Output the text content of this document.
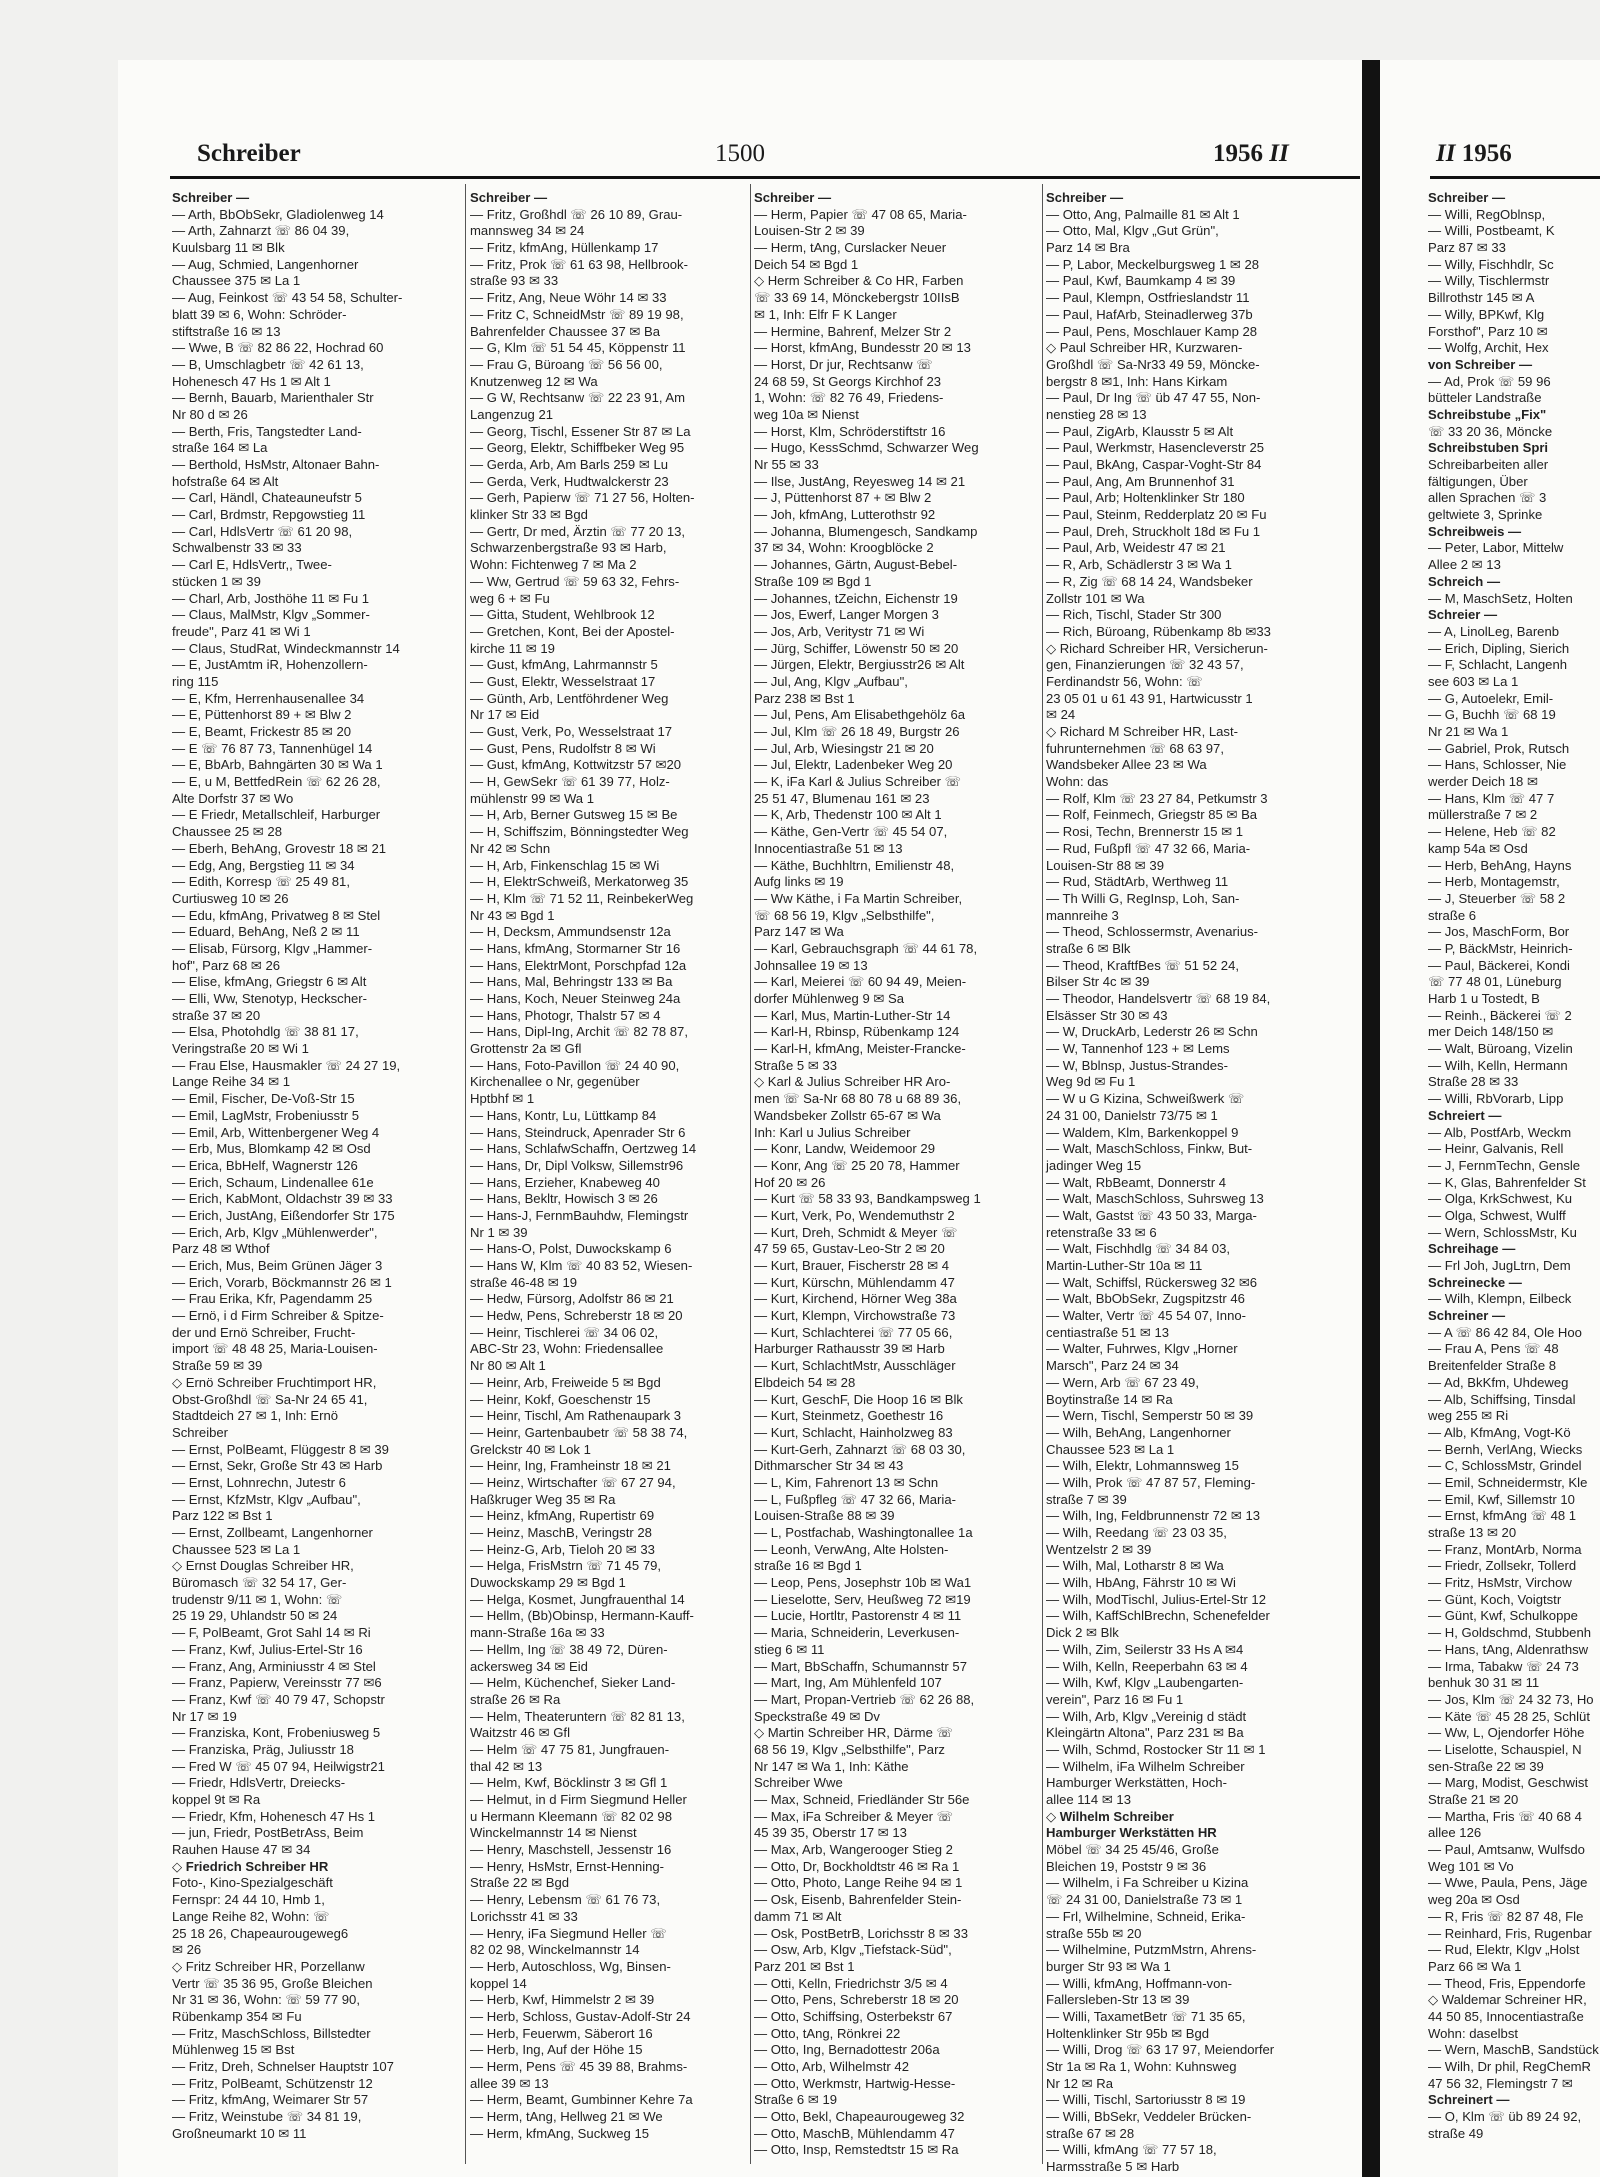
Schreiber	1500	1956 II	II 1956
Schreiber —
— Arth, BbObSekr, Gladiolenweg 14
— Arth, Zahnarzt ☏ 86 04 39,
Kuulsbarg 11 ✉ Blk
— Aug, Schmied, Langenhorner
Chaussee 375 ✉ La 1
— Aug, Feinkost ☏ 43 54 58, Schulter-
blatt 39 ✉ 6, Wohn: Schröder-
stiftstraße 16 ✉ 13
— Wwe, B ☏ 82 86 22, Hochrad 60
— B, Umschlagbetr ☏ 42 61 13,
Hohenesch 47 Hs 1 ✉ Alt 1
— Bernh, Bauarb, Marienthaler Str
Nr 80 d ✉ 26
— Berth, Fris, Tangstedter Land-
straße 164 ✉ La
— Berthold, HsMstr, Altonaer Bahn-
hofstraße 64 ✉ Alt
— Carl, Händl, Chateaunеufstr 5
— Carl, Brdmstr, Repgowstieg 11
— Carl, HdlsVertr ☏ 61 20 98,
Schwalbenstr 33 ✉ 33
— Carl E, HdlsVertr,, Twee-
stücken 1 ✉ 39
— Charl, Arb, Josthöhe 11 ✉ Fu 1
— Claus, MalMstr, Klgv „Sommer-
freude", Parz 41 ✉ Wi 1
— Claus, StudRat, Windeckmannstr 14
— E, JustAmtm iR, Hohenzollern-
ring 115
— E, Kfm, Herrenhausenallee 34
— E, Püttenhorst 89 + ✉ Blw 2
— E, Beamt, Frickestr 85 ✉ 20
— E ☏ 76 87 73, Tannenhügel 14
— E, BbArb, Bahngärten 30 ✉ Wa 1
— E, u M, BettfedRein ☏ 62 26 28,
Alte Dorfstr 37 ✉ Wo
— E Friedr, Metallschleif, Harburger
Chaussee 25 ✉ 28
— Eberh, BehAng, Grovestr 18 ✉ 21
— Edg, Ang, Bergstieg 11 ✉ 34
— Edith, Korresp ☏ 25 49 81,
Curtiusweg 10 ✉ 26
— Edu, kfmAng, Privatweg 8 ✉ Stel
— Eduard, BehAng, Neß 2 ✉ 11
— Elisab, Fürsorg, Klgv „Hammer-
hof", Parz 68 ✉ 26
— Elise, kfmAng, Griegstr 6 ✉ Alt
— Elli, Ww, Stenotyp, Heckscher-
straße 37 ✉ 20
— Elsa, Photohdlg ☏ 38 81 17,
Veringstraße 20 ✉ Wi 1
— Frau Else, Hausmakler ☏ 24 27 19,
Lange Reihe 34 ✉ 1
— Emil, Fischer, De-Voß-Str 15
— Emil, LagMstr, Frobeniusstr 5
— Emil, Arb, Wittenbergener Weg 4
— Erb, Mus, Blomkamp 42 ✉ Osd
— Erica, BbHelf, Wagnerstr 126
— Erich, Schaum, Lindenallee 61e
— Erich, KabMont, Oldachstr 39 ✉ 33
— Erich, JustAng, Eißendorfer Str 175
— Erich, Arb, Klgv „Mühlenwerder",
Parz 48 ✉ Wthof
— Erich, Mus, Beim Grünen Jäger 3
— Erich, Vorarb, Böckmannstr 26 ✉ 1
— Frau Erika, Kfr, Pagendamm 25
— Ernö, i d Firm Schreiber & Spitze-
der und Ernö Schreiber, Frucht-
import ☏ 48 48 25, Maria-Louisen-
Straße 59 ✉ 39
◇ Ernö Schreiber Fruchtimport HR,
Obst-Großhdl ☏ Sa-Nr 24 65 41,
Stadtdeich 27 ✉ 1, Inh: Ernö
Schreiber
— Ernst, PolBeamt, Flüggestr 8 ✉ 39
— Ernst, Sekr, Große Str 43 ✉ Harb
— Ernst, Lohnrechn, Jutestr 6
— Ernst, KfzMstr, Klgv „Aufbau",
Parz 122 ✉ Bst 1
— Ernst, Zollbeamt, Langenhorner
Chaussee 523 ✉ La 1
◇ Ernst Douglas Schreiber HR,
Büromasch ☏ 32 54 17, Ger-
trudenstr 9/11 ✉ 1, Wohn: ☏
25 19 29, Uhlandstr 50 ✉ 24
— F, PolBeamt, Grot Sahl 14 ✉ Ri
— Franz, Kwf, Julius-Ertel-Str 16
— Franz, Ang, Arminiusstr 4 ✉ Stel
— Franz, Papierw, Vereinsstr 77 ✉6
— Franz, Kwf ☏ 40 79 47, Schopstr
Nr 17 ✉ 19
— Franziska, Kont, Frobeniusweg 5
— Franziska, Präg, Juliusstr 18
— Fred W ☏ 45 07 94, Heilwigstr21
— Friedr, HdlsVertr, Dreiecks-
koppel 9t ✉ Ra
— Friedr, Kfm, Hohenesch 47 Hs 1
— jun, Friedr, PostBetrAss, Beim
Rauhen Hause 47 ✉ 34
◇ Friedrich Schreiber HR
Foto-, Kino-Spezialgeschäft
Fernspr: 24 44 10, Hmb 1,
Lange Reihe 82, Wohn: ☏
25 18 26, Chapeaurougeweg6
✉ 26
◇ Fritz Schreiber HR, Porzellanw
Vertr ☏ 35 36 95, Große Bleichen
Nr 31 ✉ 36, Wohn: ☏ 59 77 90,
Rübenkamp 354 ✉ Fu
— Fritz, MaschSchloss, Billstedter
Mühlenweg 15 ✉ Bst
— Fritz, Dreh, Schnelser Hauptstr 107
— Fritz, PolBeamt, Schützenstr 12
— Fritz, kfmAng, Weimarer Str 57
— Fritz, Weinstube ☏ 34 81 19,
Großneumarkt 10 ✉ 11
Schreiber —
— Fritz, Großhdl ☏ 26 10 89, Grau-
mannsweg 34 ✉ 24
— Fritz, kfmAng, Hüllenkamp 17
— Fritz, Prok ☏ 61 63 98, Hellbrook-
straße 93 ✉ 33
— Fritz, Ang, Neue Wöhr 14 ✉ 33
— Fritz C, SchneidMstr ☏ 89 19 98,
Bahrenfelder Chaussee 37 ✉ Ba
— G, Klm ☏ 51 54 45, Köppenstr 11
— Frau G, Büroang ☏ 56 56 00,
Knutzenweg 12 ✉ Wa
— G W, Rechtsanw ☏ 22 23 91, Am
Langenzug 21
— Georg, Tischl, Essener Str 87 ✉ La
— Georg, Elektr, Schiffbeker Weg 95
— Gerda, Arb, Am Barls 259 ✉ Lu
— Gerda, Verk, Hudtwalckerstr 23
— Gerh, Papierw ☏ 71 27 56, Holten-
klinker Str 33 ✉ Bgd
— Gertr, Dr med, Ärztin ☏ 77 20 13,
Schwarzenbergstraße 93 ✉ Harb,
Wohn: Fichtenweg 7 ✉ Ma 2
— Ww, Gertrud ☏ 59 63 32, Fehrs-
weg 6 + ✉ Fu
— Gitta, Student, Wehlbrook 12
— Gretchen, Kont, Bei der Apostel-
kirche 11 ✉ 19
— Gust, kfmAng, Lahrmannstr 5
— Gust, Elektr, Wesselstraat 17
— Günth, Arb, Lentföhrdener Weg
Nr 17 ✉ Eid
— Gust, Verk, Po, Wesselstraat 17
— Gust, Pens, Rudolfstr 8 ✉ Wi
— Gust, kfmAng, Kottwitzstr 57 ✉20
— H, GewSekr ☏ 61 39 77, Holz-
mühlenstr 99 ✉ Wa 1
— H, Arb, Berner Gutsweg 15 ✉ Be
— H, Schiffszim, Bönningstedter Weg
Nr 42 ✉ Schn
— H, Arb, Finkenschlag 15 ✉ Wi
— H, ElektrSchweiß, Merkatorweg 35
— H, Klm ☏ 71 52 11, ReinbekerWeg
Nr 43 ✉ Bgd 1
— H, Decksm, Ammundsenstr 12a
— Hans, kfmAng, Stormarner Str 16
— Hans, ElektrMont, Porschpfad 12a
— Hans, Mal, Behringstr 133 ✉ Ba
— Hans, Koch, Neuer Steinweg 24a
— Hans, Photogr, Thalstr 57 ✉ 4
— Hans, Dipl-Ing, Archit ☏ 82 78 87,
Grottenstr 2a ✉ Gfl
— Hans, Foto-Pavillon ☏ 24 40 90,
Kirchenallee o Nr, gegenüber
Hptbhf ✉ 1
— Hans, Kontr, Lu, Lüttkamp 84
— Hans, Steindruck, Apenrader Str 6
— Hans, SchlafwSchaffn, Oertzweg 14
— Hans, Dr, Dipl Volksw, Sillemstr96
— Hans, Erzieher, Knabeweg 40
— Hans, Bekltr, Howisch 3 ✉ 26
— Hans-J, FernmBauhdw, Flemingstr
Nr 1 ✉ 39
— Hans-O, Polst, Duwockskamp 6
— Hans W, Klm ☏ 40 83 52, Wiesen-
straße 46-48 ✉ 19
— Hedw, Fürsorg, Adolfstr 86 ✉ 21
— Hedw, Pens, Schreberstr 18 ✉ 20
— Heinr, Tischlerei ☏ 34 06 02,
ABC-Str 23, Wohn: Friedensallee
Nr 80 ✉ Alt 1
— Heinr, Arb, Freiweide 5 ✉ Bgd
— Heinr, Kokf, Goeschenstr 15
— Heinr, Tischl, Am Rathenaupark 3
— Heinr, Gartenbaubetr ☏ 58 38 74,
Grelckstr 40 ✉ Lok 1
— Heinr, Ing, Framheinstr 18 ✉ 21
— Heinz, Wirtschafter ☏ 67 27 94,
Haßkruger Weg 35 ✉ Ra
— Heinz, kfmAng, Rupertistr 69
— Heinz, MaschB, Veringstr 28
— Heinz-G, Arb, Tieloh 20 ✉ 33
— Helga, FrisMstrn ☏ 71 45 79,
Duwockskamp 29 ✉ Bgd 1
— Helga, Kosmet, Jungfrauenthal 14
— Hellm, (Bb)Obinsp, Hermann-Kauff-
mann-Straße 16a ✉ 33
— Hellm, Ing ☏ 38 49 72, Düren-
ackersweg 34 ✉ Eid
— Helm, Küchenchef, Sieker Land-
straße 26 ✉ Ra
— Helm, Theateruntern ☏ 82 81 13,
Waitzstr 46 ✉ Gfl
— Helm ☏ 47 75 81, Jungfrauen-
thal 42 ✉ 13
— Helm, Kwf, Böcklinstr 3 ✉ Gfl 1
— Helmut, in d Firm Siegmund Heller
u Hermann Kleemann ☏ 82 02 98
Winckelmannstr 14 ✉ Nienst
— Henry, Maschstell, Jessenstr 16
— Henry, HsMstr, Ernst-Henning-
Straße 22 ✉ Bgd
— Henry, Lebensm ☏ 61 76 73,
Lorichsstr 41 ✉ 33
— Henry, iFa Siegmund Heller ☏
82 02 98, Winckelmannstr 14
— Herb, Autoschloss, Wg, Binsen-
koppel 14
— Herb, Kwf, Himmelstr 2 ✉ 39
— Herb, Schloss, Gustav-Adolf-Str 24
— Herb, Feuerwm, Säberort 16
— Herb, Ing, Auf der Höhe 15
— Herm, Pens ☏ 45 39 88, Brahms-
allee 39 ✉ 13
— Herm, Beamt, Gumbinner Kehre 7a
— Herm, tAng, Hellweg 21 ✉ We
— Herm, kfmAng, Suckweg 15
Schreiber —
— Herm, Papier ☏ 47 08 65, Maria-
Louisen-Str 2 ✉ 39
— Herm, tAng, Curslacker Neuer
Deich 54 ✉ Bgd 1
◇ Herm Schreiber & Co HR, Farben
☏ 33 69 14, Mönckebergstr 10IIsB
✉ 1, Inh: Elfr F K Langer
— Hermine, Bahrenf, Melzer Str 2
— Horst, kfmAng, Bundesstr 20 ✉ 13
— Horst, Dr jur, Rechtsanw ☏
24 68 59, St Georgs Kirchhof 23
1, Wohn: ☏ 82 76 49, Friedens-
weg 10a ✉ Nienst
— Horst, Klm, Schröderstiftstr 16
— Hugo, KessSchmd, Schwarzer Weg
Nr 55 ✉ 33
— Ilse, JustAng, Reyesweg 14 ✉ 21
— J, Püttenhorst 87 + ✉ Blw 2
— Joh, kfmAng, Lutterothstr 92
— Johanna, Blumengesch, Sandkamp
37 ✉ 34, Wohn: Kroogblöcke 2
— Johannes, Gärtn, August-Bebel-
Straße 109 ✉ Bgd 1
— Johannes, tZeichn, Eichenstr 19
— Jos, Ewerf, Langer Morgen 3
— Jos, Arb, Veritystr 71 ✉ Wi
— Jürg, Schiffer, Löwenstr 50 ✉ 20
— Jürgen, Elektr, Bergiusstr26 ✉ Alt
— Jul, Ang, Klgv „Aufbau",
Parz 238 ✉ Bst 1
— Jul, Pens, Am Elisabethgehölz 6a
— Jul, Klm ☏ 26 18 49, Burgstr 26
— Jul, Arb, Wiesingstr 21 ✉ 20
— Jul, Elektr, Ladenbeker Weg 20
— K, iFa Karl & Julius Schreiber ☏
25 51 47, Blumenau 161 ✉ 23
— K, Arb, Thedenstr 100 ✉ Alt 1
— Käthe, Gen-Vertr ☏ 45 54 07,
Innocentiastraße 51 ✉ 13
— Käthe, Buchhltrn, Emilienstr 48,
Aufg links ✉ 19
— Ww Käthe, i Fa Martin Schreiber,
☏ 68 56 19, Klgv „Selbsthilfe",
Parz 147 ✉ Wa
— Karl, Gebrauchsgraph ☏ 44 61 78,
Johnsallee 19 ✉ 13
— Karl, Meierei ☏ 60 94 49, Meien-
dorfer Mühlenweg 9 ✉ Sa
— Karl, Mus, Martin-Luther-Str 14
— Karl-H, Rbinsp, Rübenkamp 124
— Karl-H, kfmAng, Meister-Francke-
Straße 5 ✉ 33
◇ Karl & Julius Schreiber HR Aro-
men ☏ Sa-Nr 68 80 78 u 68 89 36,
Wandsbeker Zollstr 65-67 ✉ Wa
Inh: Karl u Julius Schreiber
— Konr, Landw, Weidemoor 29
— Konr, Ang ☏ 25 20 78, Hammer
Hof 20 ✉ 26
— Kurt ☏ 58 33 93, Bandkampsweg 1
— Kurt, Verk, Po, Wendemuthstr 2
— Kurt, Dreh, Schmidt & Meyer ☏
47 59 65, Gustav-Leo-Str 2 ✉ 20
— Kurt, Brauer, Fischerstr 28 ✉ 4
— Kurt, Kürschn, Mühlendamm 47
— Kurt, Kirchend, Hörner Weg 38a
— Kurt, Klempn, Virchowstraße 73
— Kurt, Schlachterei ☏ 77 05 66,
Harburger Rathausstr 39 ✉ Harb
— Kurt, SchlachtMstr, Ausschläger
Elbdeich 54 ✉ 28
— Kurt, GeschF, Die Hoop 16 ✉ Blk
— Kurt, Steinmetz, Goethestr 16
— Kurt, Schlacht, Hainholzweg 83
— Kurt-Gerh, Zahnarzt ☏ 68 03 30,
Dithmarscher Str 34 ✉ 43
— L, Kim, Fahrenort 13 ✉ Schn
— L, Fußpfleg ☏ 47 32 66, Maria-
Louisen-Straße 88 ✉ 39
— L, Postfachab, Washingtonallee 1a
— Leonh, VerwAng, Alte Holsten-
straße 16 ✉ Bgd 1
— Leop, Pens, Josephstr 10b ✉ Wa1
— Lieselotte, Serv, Heußweg 72 ✉19
— Lucie, Hortltr, Pastorenstr 4 ✉ 11
— Maria, Schneiderin, Leverkusen-
stieg 6 ✉ 11
— Mart, BbSchaffn, Schumannstr 57
— Mart, Ing, Am Mühlenfeld 107
— Mart, Propan-Vertrieb ☏ 62 26 88,
Speckstraße 49 ✉ Dv
◇ Martin Schreiber HR, Därme ☏
68 56 19, Klgv „Selbsthilfe", Parz
Nr 147 ✉ Wa 1, Inh: Käthe
Schreiber Wwe
— Max, Schneid, Friedländer Str 56e
— Max, iFa Schreiber & Meyer ☏
45 39 35, Oberstr 17 ✉ 13
— Max, Arb, Wangerooger Stieg 2
— Otto, Dr, Bockholdtstr 46 ✉ Ra 1
— Otto, Photo, Lange Reihe 94 ✉ 1
— Osk, Eisenb, Bahrenfelder Stein-
damm 71 ✉ Alt
— Osk, PostBetrB, Lorichsstr 8 ✉ 33
— Osw, Arb, Klgv „Tiefstack-Süd",
Parz 201 ✉ Bst 1
— Otti, Kelln, Friedrichstr 3/5 ✉ 4
— Otto, Pens, Schreberstr 18 ✉ 20
— Otto, Schiffsing, Osterbekstr 67
— Otto, tAng, Rönkrei 22
— Otto, Ing, Bernadottestr 206a
— Otto, Arb, Wilhelmstr 42
— Otto, Werkmstr, Hartwig-Hesse-
Straße 6 ✉ 19
— Otto, Bekl, Chapeaurougeweg 32
— Otto, MaschB, Mühlendamm 47
— Otto, Insp, Remstedtstr 15 ✉ Ra
Schreiber —
— Otto, Ang, Palmaille 81 ✉ Alt 1
— Otto, Mal, Klgv „Gut Grün",
Parz 14 ✉ Bra
— P, Labor, Meckelburgsweg 1 ✉ 28
— Paul, Kwf, Baumkamp 4 ✉ 39
— Paul, Klempn, Ostfrieslandstr 11
— Paul, HafArb, Steinadlerweg 37b
— Paul, Pens, Moschlauer Kamp 28
◇ Paul Schreiber HR, Kurzwaren-
Großhdl ☏ Sa-Nr33 49 59, Mönckе-
bergstr 8 ✉1, Inh: Hans Kirkam
— Paul, Dr Ing ☏ üb 47 47 55, Non-
nenstieg 28 ✉ 13
— Paul, ZigArb, Klausstr 5 ✉ Alt
— Paul, Werkmstr, Hasencleverstr 25
— Paul, BkAng, Caspar-Voght-Str 84
— Paul, Ang, Am Brunnenhof 31
— Paul, Arb; Holtenklinker Str 180
— Paul, Steinm, Redderplatz 20 ✉ Fu
— Paul, Dreh, Struckholt 18d ✉ Fu 1
— Paul, Arb, Weidestr 47 ✉ 21
— R, Arb, Schädlerstr 3 ✉ Wa 1
— R, Zig ☏ 68 14 24, Wandsbeker
Zollstr 101 ✉ Wa
— Rich, Tischl, Stader Str 300
— Rich, Büroang, Rübenkamp 8b ✉33
◇ Richard Schreiber HR, Versicherun-
gen, Finanzierungen ☏ 32 43 57,
Ferdinandstr 56, Wohn: ☏
23 05 01 u 61 43 91, Hartwicusstr 1
✉ 24
◇ Richard M Schreiber HR, Last-
fuhrunternehmen ☏ 68 63 97,
Wandsbeker Allee 23 ✉ Wa
Wohn: das
— Rolf, Klm ☏ 23 27 84, Petkumstr 3
— Rolf, Feinmech, Griegstr 85 ✉ Ba
— Rosi, Techn, Brennerstr 15 ✉ 1
— Rud, Fußpfl ☏ 47 32 66, Maria-
Louisen-Str 88 ✉ 39
— Rud, StädtArb, Werthweg 11
— Th Willi G, RegInsp, Loh, San-
mannreihe 3
— Theod, Schlossermstr, Avenarius-
straße 6 ✉ Blk
— Theod, KraftfBes ☏ 51 52 24,
Bilser Str 4c ✉ 39
— Theodor, Handelsvertr ☏ 68 19 84,
Elsässer Str 30 ✉ 43
— W, DruckArb, Lederstr 26 ✉ Schn
— W, Tannenhof 123 + ✉ Lems
— W, Bblnsp, Justus-Strandes-
Weg 9d ✉ Fu 1
— W u G Kizina, Schweißwerk ☏
24 31 00, Danielstr 73/75 ✉ 1
— Waldem, Klm, Barkenkoppel 9
— Walt, MaschSchloss, Finkw, But-
jadinger Weg 15
— Walt, RbBeamt, Donnerstr 4
— Walt, MaschSchloss, Suhrsweg 13
— Walt, Gastst ☏ 43 50 33, Marga-
retenstraße 33 ✉ 6
— Walt, Fischhdlg ☏ 34 84 03,
Martin-Luther-Str 10a ✉ 11
— Walt, Schiffsl, Rückersweg 32 ✉6
— Walt, BbObSekr, Zugspitzstr 46
— Walter, Vertr ☏ 45 54 07, Inno-
centiastraße 51 ✉ 13
— Walter, Fuhrwes, Klgv „Horner
Marsch", Parz 24 ✉ 34
— Wern, Arb ☏ 67 23 49,
Boytinstraße 14 ✉ Ra
— Wern, Tischl, Semperstr 50 ✉ 39
— Wilh, BehAng, Langenhorner
Chaussee 523 ✉ La 1
— Wilh, Elektr, Lohmannsweg 15
— Wilh, Prok ☏ 47 87 57, Fleming-
straße 7 ✉ 39
— Wilh, Ing, Feldbrunnenstr 72 ✉ 13
— Wilh, Reedang ☏ 23 03 35,
Wentzelstr 2 ✉ 39
— Wilh, Mal, Lotharstr 8 ✉ Wa
— Wilh, HbAng, Fährstr 10 ✉ Wi
— Wilh, ModTischl, Julius-Ertel-Str 12
— Wilh, KaffSchlBrechn, Schenefelder
Dick 2 ✉ Blk
— Wilh, Zim, Seilerstr 33 Hs A ✉4
— Wilh, Kelln, Reeperbahn 63 ✉ 4
— Wilh, Kwf, Klgv „Laubengarten-
verein", Parz 16 ✉ Fu 1
— Wilh, Arb, Klgv „Vereinig d städt
Kleingärtn Altona", Parz 231 ✉ Ba
— Wilh, Schmd, Rostocker Str 11 ✉ 1
— Wilhelm, iFa Wilhelm Schreiber
Hamburger Werkstätten, Hoch-
allee 114 ✉ 13
◇ Wilhelm Schreiber
Hamburger Werkstätten HR
Möbel ☏ 34 25 45/46, Große
Bleichen 19, Poststr 9 ✉ 36
— Wilhelm, i Fa Schreiber u Kizina
☏ 24 31 00, Danielstraße 73 ✉ 1
— Frl, Wilhelmine, Schneid, Erika-
straße 55b ✉ 20
— Wilhelmine, PutzmMstrn, Ahrens-
burger Str 93 ✉ Wa 1
— Willi, kfmAng, Hoffmann-von-
Fallersleben-Str 13 ✉ 39
— Willi, TaxametBetr ☏ 71 35 65,
Holtenklinker Str 95b ✉ Bgd
— Willi, Drog ☏ 63 17 97, Meiendorfer
Str 1a ✉ Ra 1, Wohn: Kuhnsweg
Nr 12 ✉ Ra
— Willi, Tischl, Sartoriusstr 8 ✉ 19
— Willi, BbSekr, Veddeler Brücken-
straße 67 ✉ 28
— Willi, kfmAng ☏ 77 57 18,
Harmsstraße 5 ✉ Harb
Schreiber —
— Willi, RegOblnsp,
— Willi, Postbeamt, K
Parz 87 ✉ 33
— Willy, Fischhdlr, Sc
— Willy, Tischlermstr
Billrothstr 145 ✉ A
— Willy, BPKwf, Klg
Forsthof", Parz 10 ✉
— Wolfg, Archit, Hex
von Schreiber —
— Ad, Prok ☏ 59 96
bütteler Landstraße
Schreibstube „Fix"
☏ 33 20 36, Möncke
Schreibstuben Spri
Schreibarbeiten aller
fältigungen, Über
allen Sprachen ☏ 3
geltwiete 3, Sprinke
Schreibweis —
— Peter, Labor, Mittelw
Allee 2 ✉ 13
Schreich —
— M, MaschSetz, Holten
Schreier —
— A, LinolLeg, Barenb
— Erich, Dipling, Sierich
— F, Schlacht, Langenh
see 603 ✉ La 1
— G, Autoelekr, Emil-
— G, Buchh ☏ 68 19
Nr 21 ✉ Wa 1
— Gabriel, Prok, Rutsch
— Hans, Schlosser, Nie
werder Deich 18 ✉
— Hans, Klm ☏ 47 7
müllerstraße 7 ✉ 2
— Helene, Heb ☏ 82
kamp 54a ✉ Osd
— Herb, BehAng, Hayns
— Herb, Montagemstr,
— J, Steuerber ☏ 58 2
straße 6
— Jos, MaschForm, Bor
— P, BäckMstr, Heinrich-
— Paul, Bäckerei, Kondi
☏ 77 48 01, Lüneburg
Harb 1 u Tostedt, B
— Reinh., Bäckerei ☏ 2
mer Deich 148/150 ✉
— Walt, Büroang, Vizelin
— Wilh, Kelln, Hermann
Straße 28 ✉ 33
— Willi, RbVorarb, Lipp
Schreiert —
— Alb, PostfArb, Weckm
— Heinr, Galvanis, Rell
— J, FernmTechn, Gensle
— K, Glas, Bahrenfelder St
— Olga, KrkSchwest, Ku
— Olga, Schwest, Wulff
— Wern, SchlossMstr, Ku
Schreihage —
— Frl Joh, JugLtrn, Dem
Schreinecke —
— Wilh, Klempn, Eilbeck
Schreiner —
— A ☏ 86 42 84, Ole Hoo
— Frau A, Pens ☏ 48
Breitenfelder Straße 8
— Ad, BkKfm, Uhdeweg
— Alb, Schiffsing, Tinsdal
weg 255 ✉ Ri
— Alb, KfmAng, Vogt-Kö
— Bernh, VerlAng, Wiecks
— C, SchlossMstr, Grindel
— Emil, Schneidermstr, Kle
— Emil, Kwf, Sillemstr 10
— Ernst, kfmAng ☏ 48 1
straße 13 ✉ 20
— Franz, MontArb, Norma
— Friedr, Zollsekr, Tollerd
— Fritz, HsMstr, Virchow
— Günt, Koch, Voigtstr
— Günt, Kwf, Schulkoppe
— H, Goldschmd, Stubbenh
— Hans, tAng, Aldenrathsw
— Irma, Tabakw ☏ 24 73
benhuk 30 31 ✉ 11
— Jos, Klm ☏ 24 32 73, Ho
— Käte ☏ 45 28 25, Schlüt
— Ww, L, Ojendorfer Höhe
— Liselotte, Schauspiel, N
sen-Straße 22 ✉ 39
— Marg, Modist, Geschwist
Straße 21 ✉ 20
— Martha, Fris ☏ 40 68 4
allee 126
— Paul, Amtsanw, Wulfsdo
Weg 101 ✉ Vo
— Wwe, Paula, Pens, Jäge
weg 20a ✉ Osd
— R, Fris ☏ 82 87 48, Fle
— Reinhard, Fris, Rugenbar
— Rud, Elektr, Klgv „Holst
Parz 66 ✉ Wa 1
— Theod, Fris, Eppendorfe
◇ Waldemar Schreiner HR,
44 50 85, Innocentiastraße
Wohn: daselbst
— Wern, MaschB, Sandstück
— Wilh, Dr phil, RegChemR
47 56 32, Flemingstr 7 ✉
Schreinert —
— O, Klm ☏ üb 89 24 92,
straße 49
